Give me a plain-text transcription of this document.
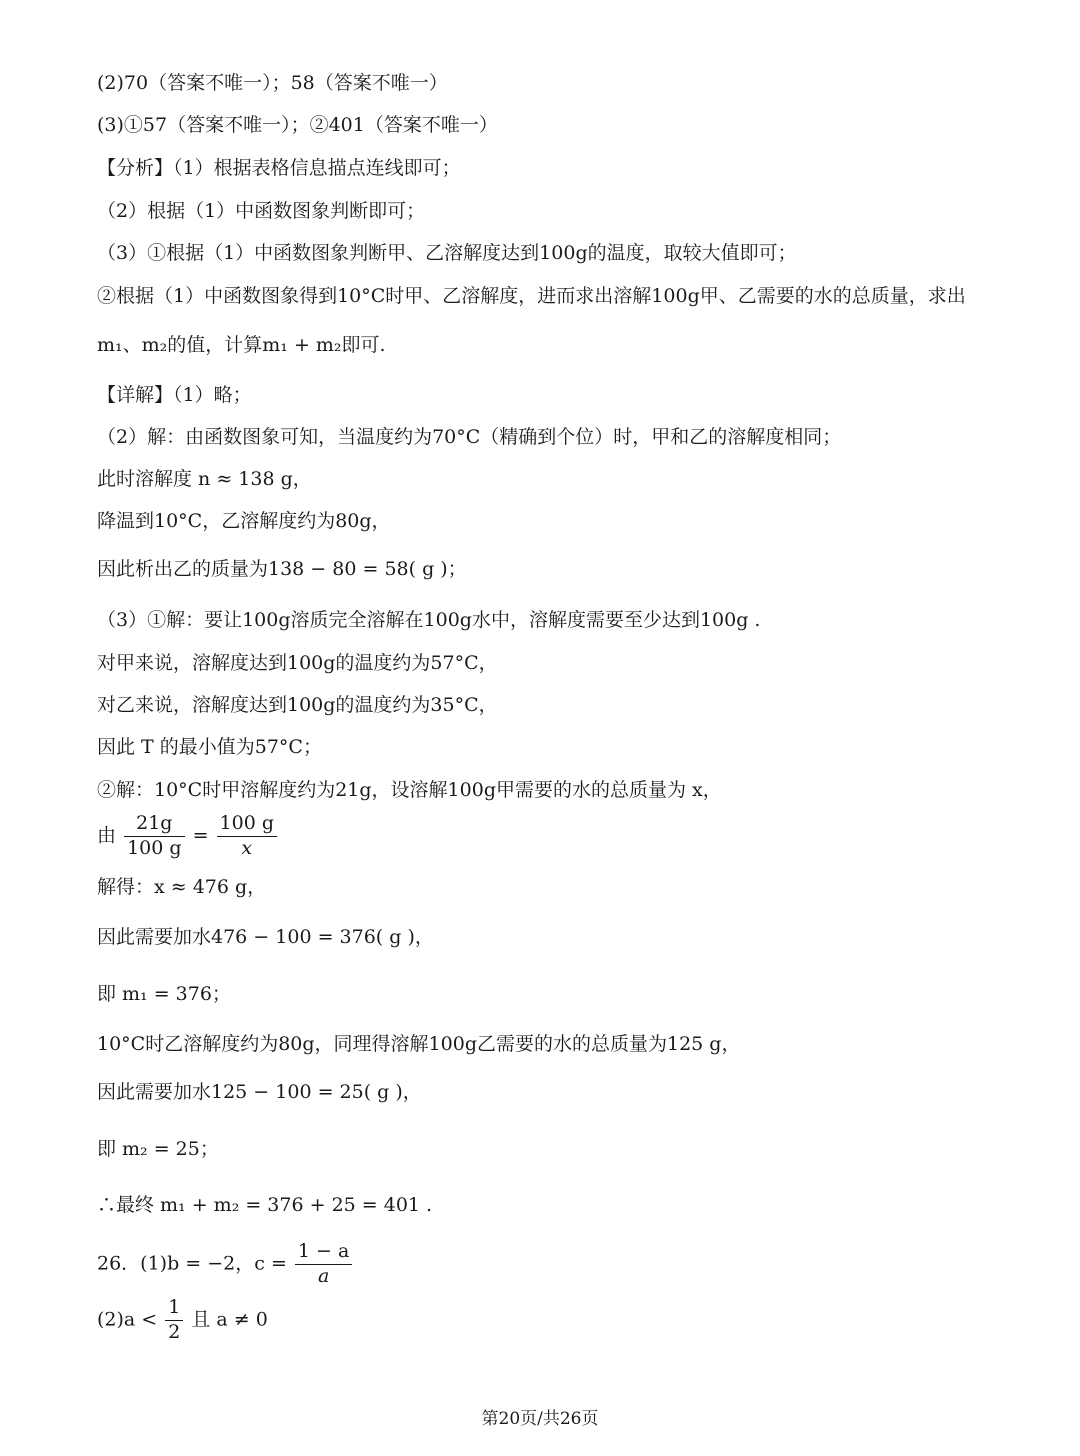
(2)70（答案不唯一）；58（答案不唯一）
(3)①57（答案不唯一）；②401（答案不唯一）
【分析】（1）根据表格信息描点连线即可；
（2）根据（1）中函数图象判断即可；
（3）①根据（1）中函数图象判断甲、乙溶解度达到100g的温度，取较大值即可；
②根据（1）中函数图象得到10°C时甲、乙溶解度，进而求出溶解100g甲、乙需要的水的总质量，求出
m₁、m₂的值，计算m₁ + m₂即可.
【详解】（1）略；
（2）解：由函数图象可知，当温度约为70°C（精确到个位）时，甲和乙的溶解度相同；
此时溶解度 n ≈ 138 g，
降温到10°C，乙溶解度约为80g，
因此析出乙的质量为138 − 80 = 58( g )；
（3）①解：要让100g溶质完全溶解在100g水中，溶解度需要至少达到100g .
对甲来说，溶解度达到100g的温度约为57°C，
对乙来说，溶解度达到100g的温度约为35°C，
因此 T 的最小值为57°C；
②解：10°C时甲溶解度约为21g，设溶解100g甲需要的水的总质量为 x，
由 $\frac{21g}{100 g} = \frac{100 g}{x}$
解得：x ≈ 476 g，
因此需要加水476 − 100 = 376( g )，
即 m₁ = 376；
10°C时乙溶解度约为80g，同理得溶解100g乙需要的水的总质量为125 g，
因此需要加水125 − 100 = 25( g )，
即 m₂ = 25；
∴最终 m₁ + m₂ = 376 + 25 = 401 .
26．(1)b = −2，$c = \frac{1 - a}{a}$
$(2)a < \frac{1}{2}$ 且 a ≠ 0
第20页/共26页
